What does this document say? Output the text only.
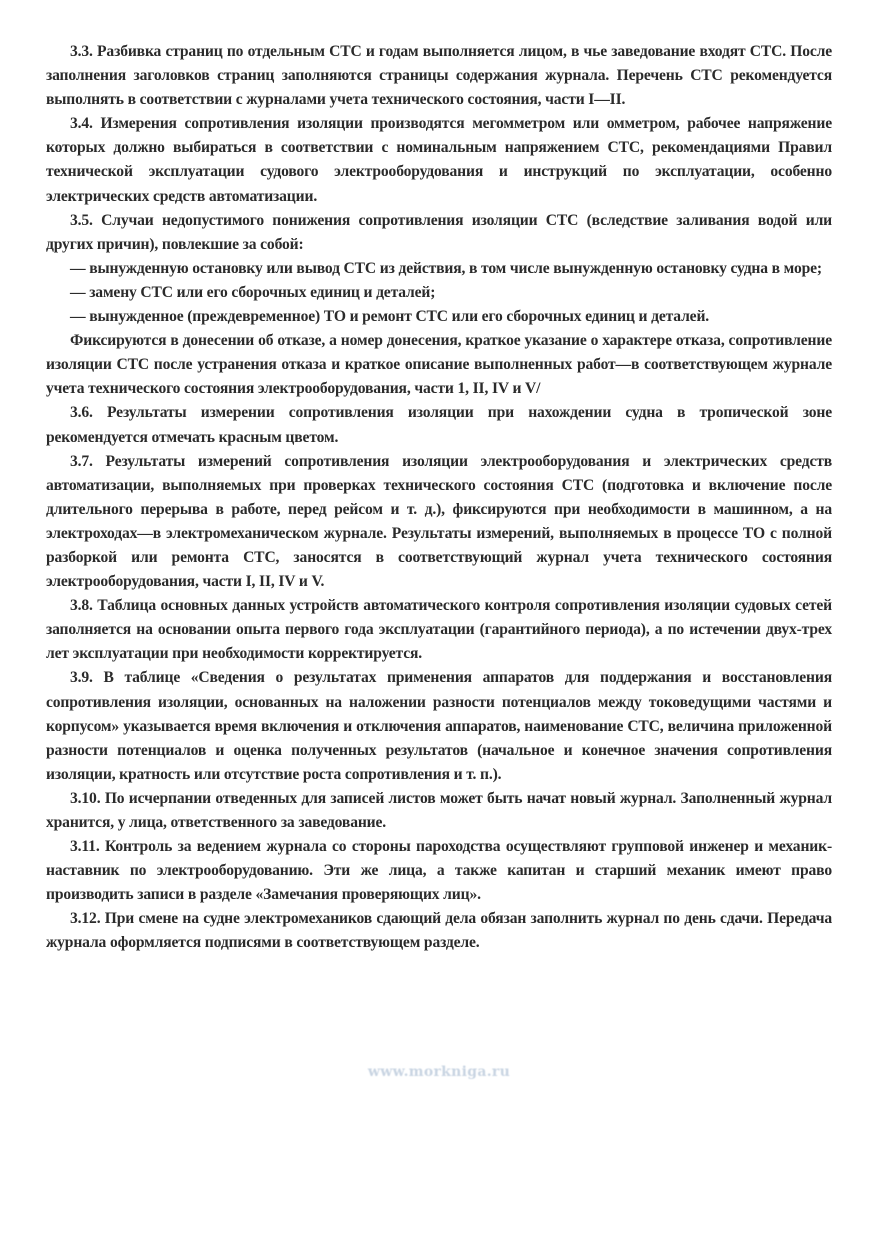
3.3. Разбивка страниц по отдельным СТС и годам выполняется лицом, в чье заведование входят СТС. После заполнения заголовков страниц заполняются страницы содержания журнала. Перечень СТС рекомендуется выполнять в соответствии с журналами учета технического состояния, части I—II.

3.4. Измерения сопротивления изоляции производятся мегомметром или омметром, рабочее напряжение которых должно выбираться в соответствии с номинальным напряжением СТС, рекомендациями Правил технической эксплуатации судового электрооборудования и инструкций по эксплуатации, особенно электрических средств автоматизации.

3.5. Случаи недопустимого понижения сопротивления изоляции СТС (вследствие заливания водой или других причин), повлекшие за собой:

— вынужденную остановку или вывод СТС из действия, в том числе вынужденную остановку судна в море;

— замену СТС или его сборочных единиц и деталей;

— вынужденное (преждевременное) ТО и ремонт СТС или его сборочных единиц и деталей.

Фиксируются в донесении об отказе, а номер донесения, краткое указание о характере отказа, сопротивление изоляции СТС после устранения отказа и краткое описание выполненных работ—в соответствующем журнале учета технического состояния электрооборудования, части 1, II, IV и V/

3.6. Результаты измерении сопротивления изоляции при нахождении судна в тропической зоне рекомендуется отмечать красным цветом.

3.7. Результаты измерений сопротивления изоляции электрооборудования и электрических средств автоматизации, выполняемых при проверках технического состояния СТС (подготовка и включение после длительного перерыва в работе, перед рейсом и т. д.), фиксируются при необходимости в машинном, а на электроходах—в электромеханическом журнале. Результаты измерений, выполняемых в процессе ТО с полной разборкой или ремонта СТС, заносятся в соответствующий журнал учета технического состояния электрооборудования, части I, II, IV и V.

3.8. Таблица основных данных устройств автоматического контроля сопротивления изоляции судовых сетей заполняется на основании опыта первого года эксплуатации (гарантийного периода), а по истечении двух-трех лет эксплуатации при необходимости корректируется.

3.9. В таблице «Сведения о результатах применения аппаратов для поддержания и восстановления сопротивления изоляции, основанных на наложении разности потенциалов между токоведущими частями и корпусом» указывается время включения и отключения аппаратов, наименование СТС, величина приложенной разности потенциалов и оценка полученных результатов (начальное и конечное значения сопротивления изоляции, кратность или отсутствие роста сопротивления и т. п.).

3.10. По исчерпании отведенных для записей листов может быть начат новый журнал. Заполненный журнал хранится, у лица, ответственного за заведование.

3.11. Контроль за ведением журнала со стороны пароходства осуществляют групповой инженер и механик-наставник по электрооборудованию. Эти же лица, а также капитан и старший механик имеют право производить записи в разделе «Замечания проверяющих лиц».

3.12. При смене на судне электромехаников сдающий дела обязан заполнить журнал по день сдачи. Передача журнала оформляется подписями в соответствующем разделе.

www.morkniga.ru
